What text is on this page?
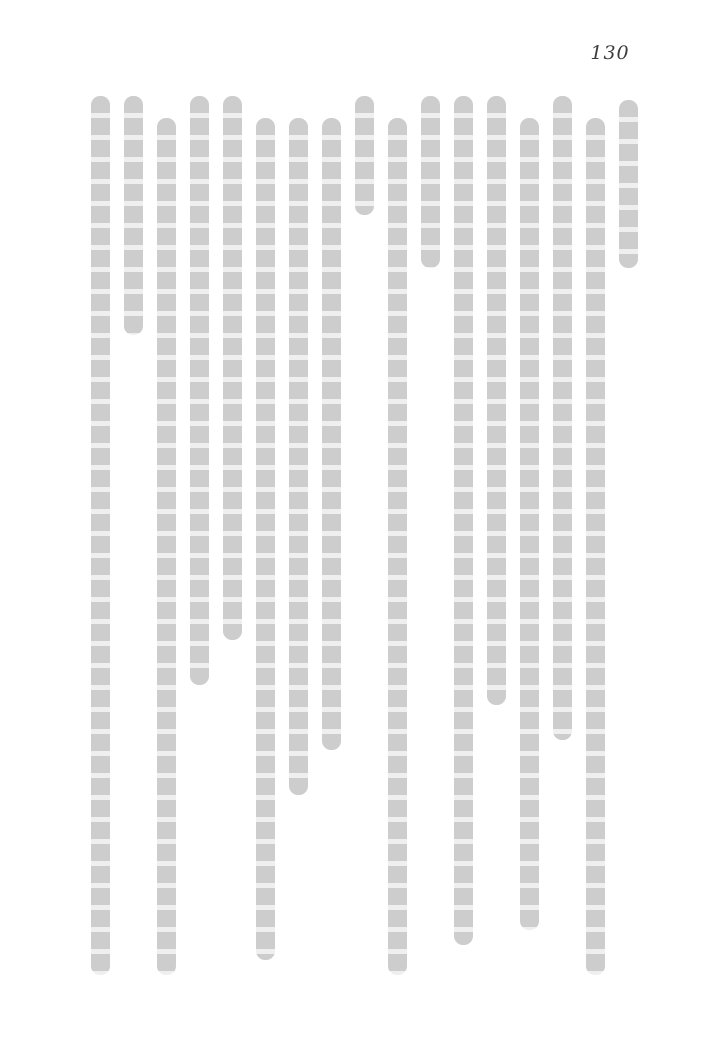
130
